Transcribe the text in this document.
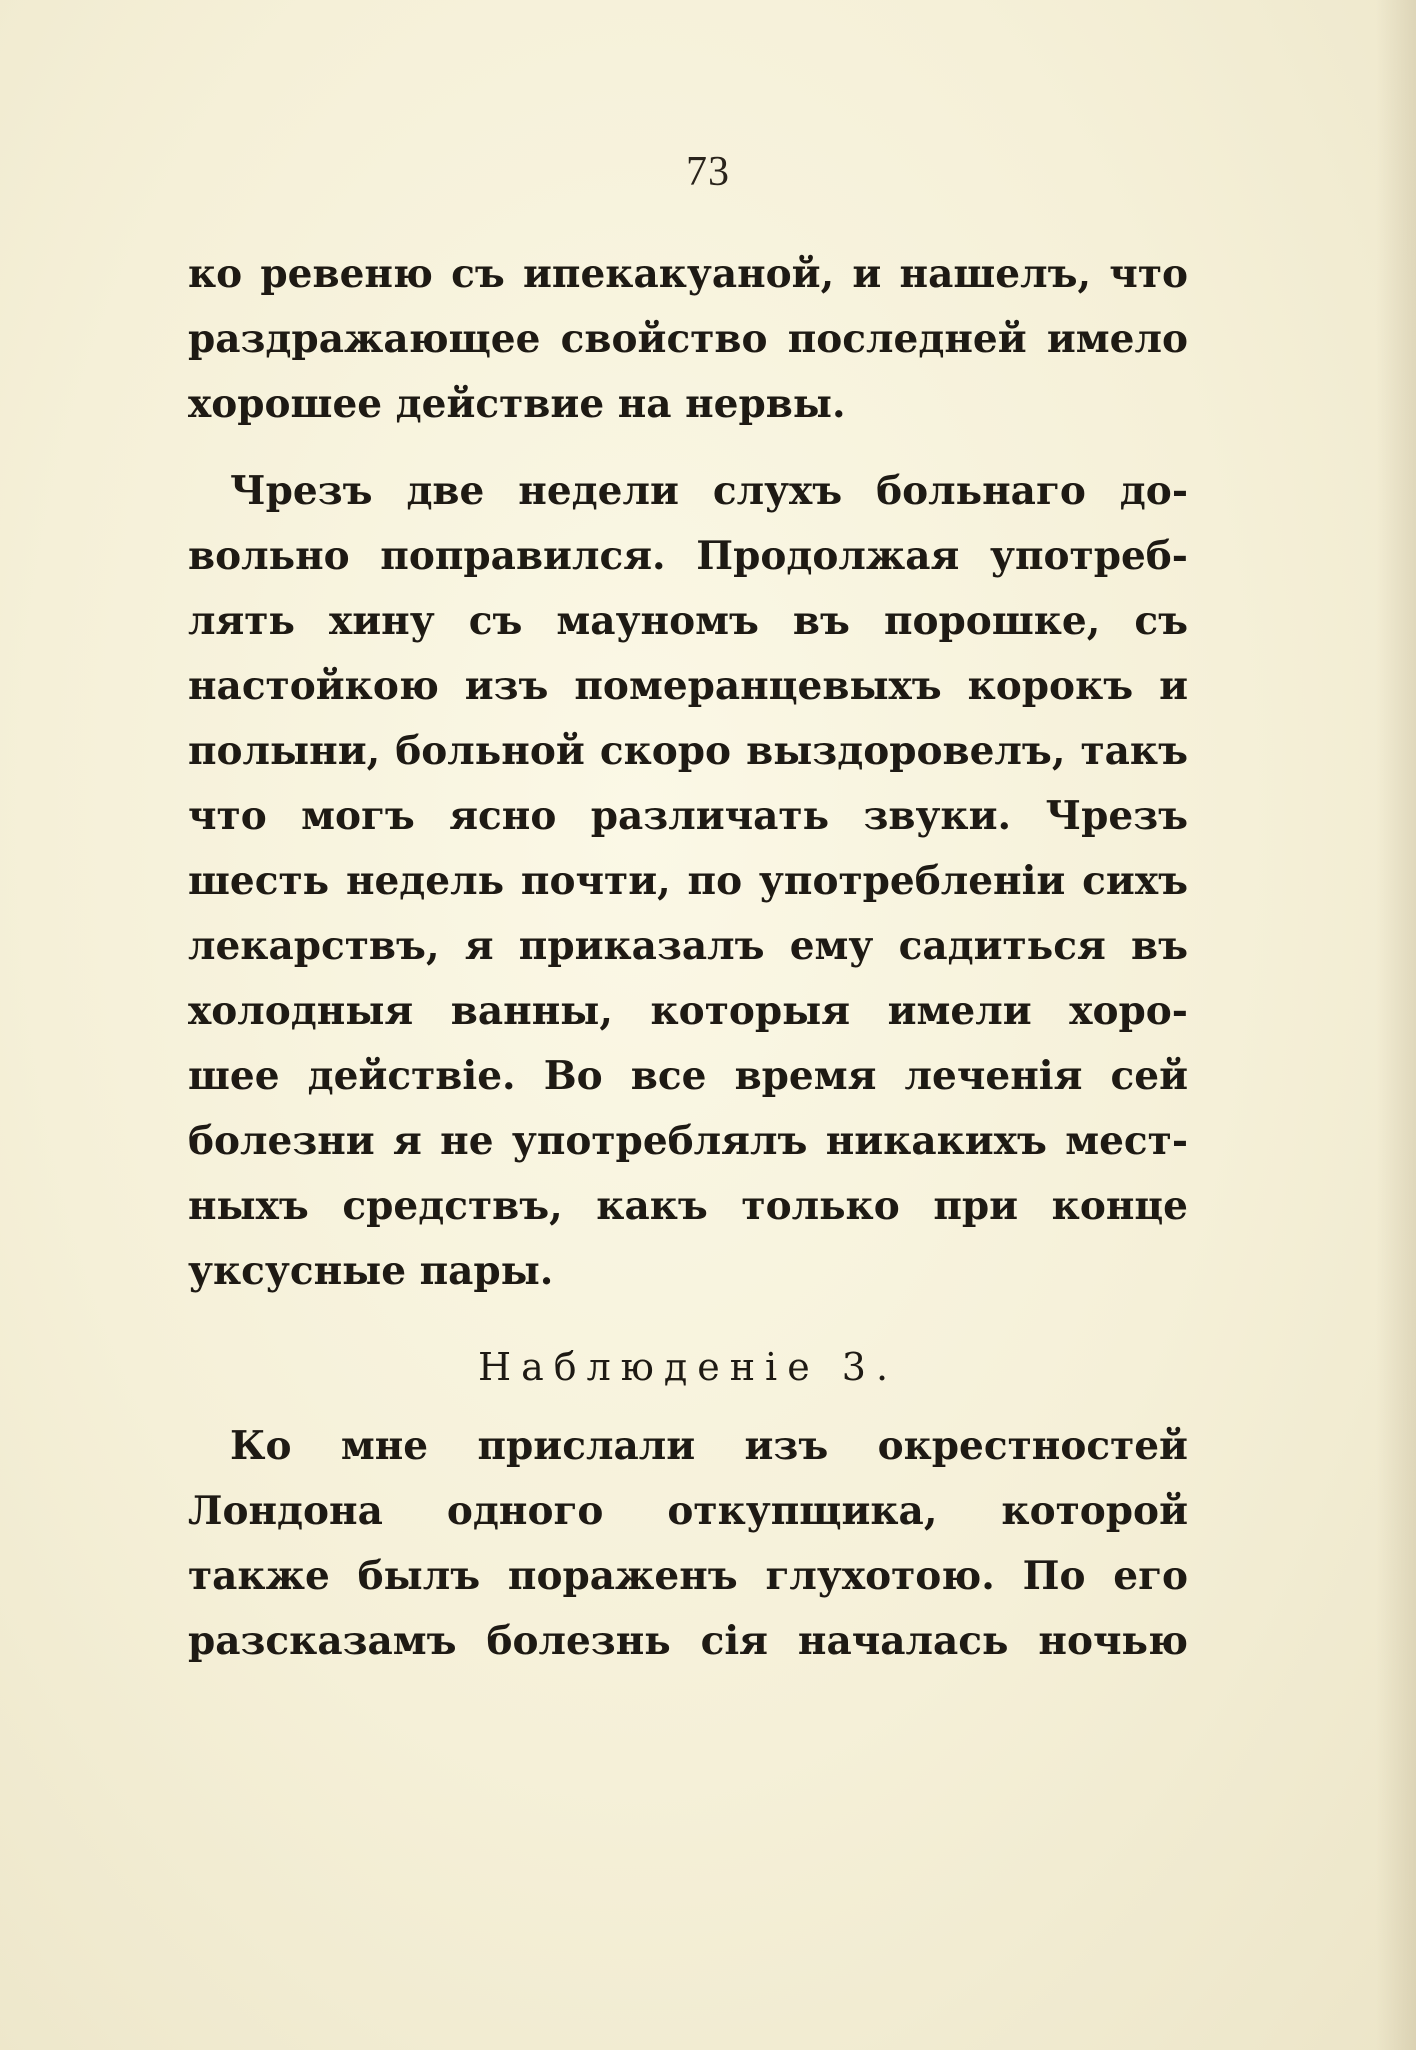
73

ко ревеню съ ипекакуаной, и нашелъ, что
раздражающее свойство последней имело
хорошее действие на нервы.

Чрезъ две недели слухъ больнаго до-
вольно поправился. Продолжая употреб-
лять хину съ мауномъ въ порошке, съ
настойкою изъ померанцевыхъ корокъ и
полыни, больной скоро выздоровелъ, такъ
что могъ ясно различать звуки. Чрезъ
шесть недель почти, по употребленіи сихъ
лекарствъ, я приказалъ ему садиться въ
холодныя ванны, которыя имели хоро-
шее действіе. Во все время леченія сей
болезни я не употреблялъ никакихъ мест-
ныхъ средствъ, какъ только при конце
уксусные пары.

Наблюденіе 3.

Ко мне прислали изъ окрестностей
Лондона одного откупщика, которой
также былъ пораженъ глухотою. По его
разсказамъ болезнь сія началась ночью
